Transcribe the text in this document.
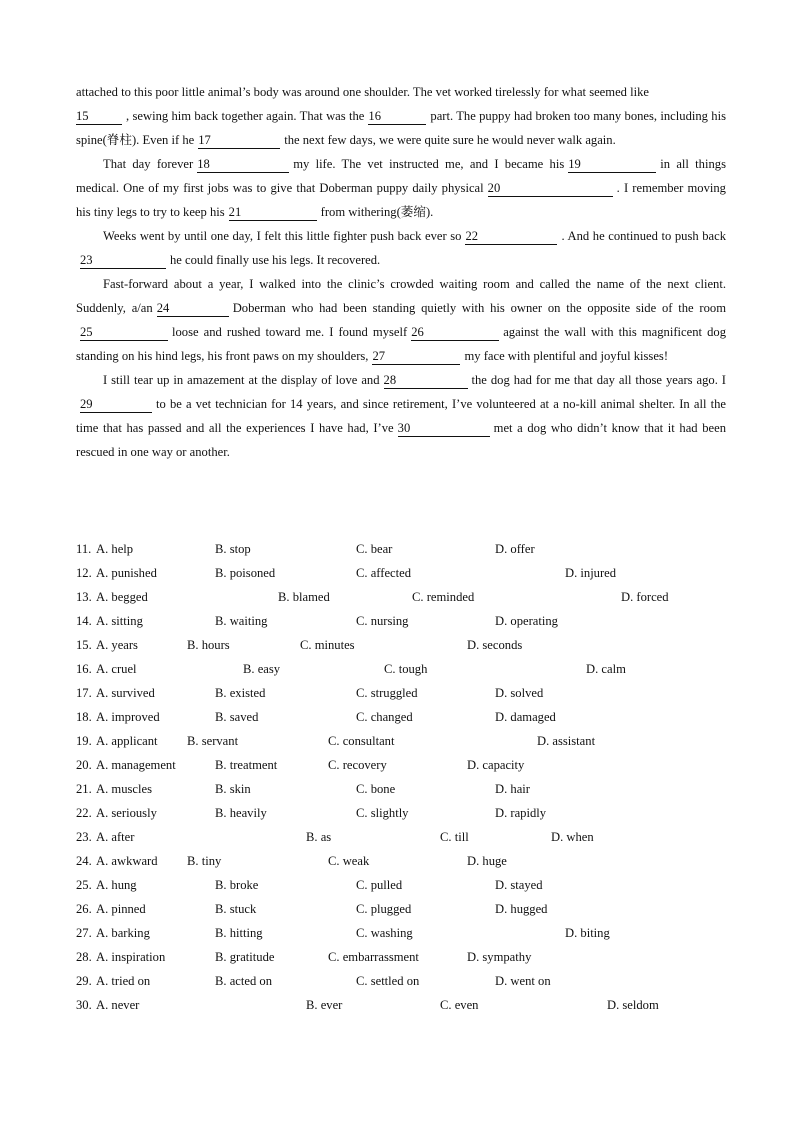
attached to this poor little animal’s body was around one shoulder. The vet worked tirelessly for what seemed like
15	, sewing him back together again. That was the 16	part. The puppy had broken too many bones, including his spine(脊柱). Even if he 17	the next few days, we were quite sure he would never walk again.

That day forever 18	my life. The vet instructed me, and I became his 19	in all things medical. One of my first jobs was to give that Doberman puppy daily physical 20	. I remember moving his tiny legs to try to keep his 21	from withering(萎缩).

Weeks went by until one day, I felt this little fighter push back ever so 22	. And he continued to push back23	he could finally use his legs. It recovered.

Fast-forward about a year, I walked into the clinic’s crowded waiting room and called the name of the next client. Suddenly, a/an 24	Doberman who had been standing quietly with his owner on the opposite side of the room25	loose and rushed toward me. I found myself 26	against the wall with this magnificent dog standing on his hind legs, his front paws on my shoulders, 27	my face with plentiful and joyful kisses!

I still tear up in amazement at the display of love and 28	the dog had for me that day all those years ago. I29	to be a vet technician for 14 years, and since retirement, I’ve volunteered at a no-kill animal shelter. In all the time that has passed and all the experiences I have had, I’ve 30	met a dog who didn’t know that it had been rescued in one way or another.

11. A. help	B. stop	C. bear	D. offer
12. A. punished	B. poisoned	C. affected	D. injured
13. A. begged	B. blamed	C. reminded	D. forced
14. A. sitting	B. waiting	C. nursing	D. operating
15. A. years	B. hours	C. minutes	D. seconds
16. A. cruel	B. easy	C. tough	D. calm
17. A. survived	B. existed	C. struggled	D. solved
18. A. improved	B. saved	C. changed	D. damaged
19. A. applicant B. servant	C. consultant	D. assistant
20. A. management	B. treatment	C. recovery	D. capacity
21. A. muscles	B. skin	C. bone	D. hair
22. A. seriously	B. heavily	C. slightly	D. rapidly
23. A. after	B. as	C. till	D. when
24. A. awkward B. tiny	C. weak	D. huge
25. A. hung	B. broke	C. pulled	D. stayed
26. A. pinned	B. stuck	C. plugged	D. hugged
27. A. barking	B. hitting	C. washing	D. biting
28. A. inspiration	B. gratitude	C. embarrassment	D. sympathy
29. A. tried on	B. acted on	C. settled on	D. went on
30. A. never	B. ever	C. even	D. seldom
